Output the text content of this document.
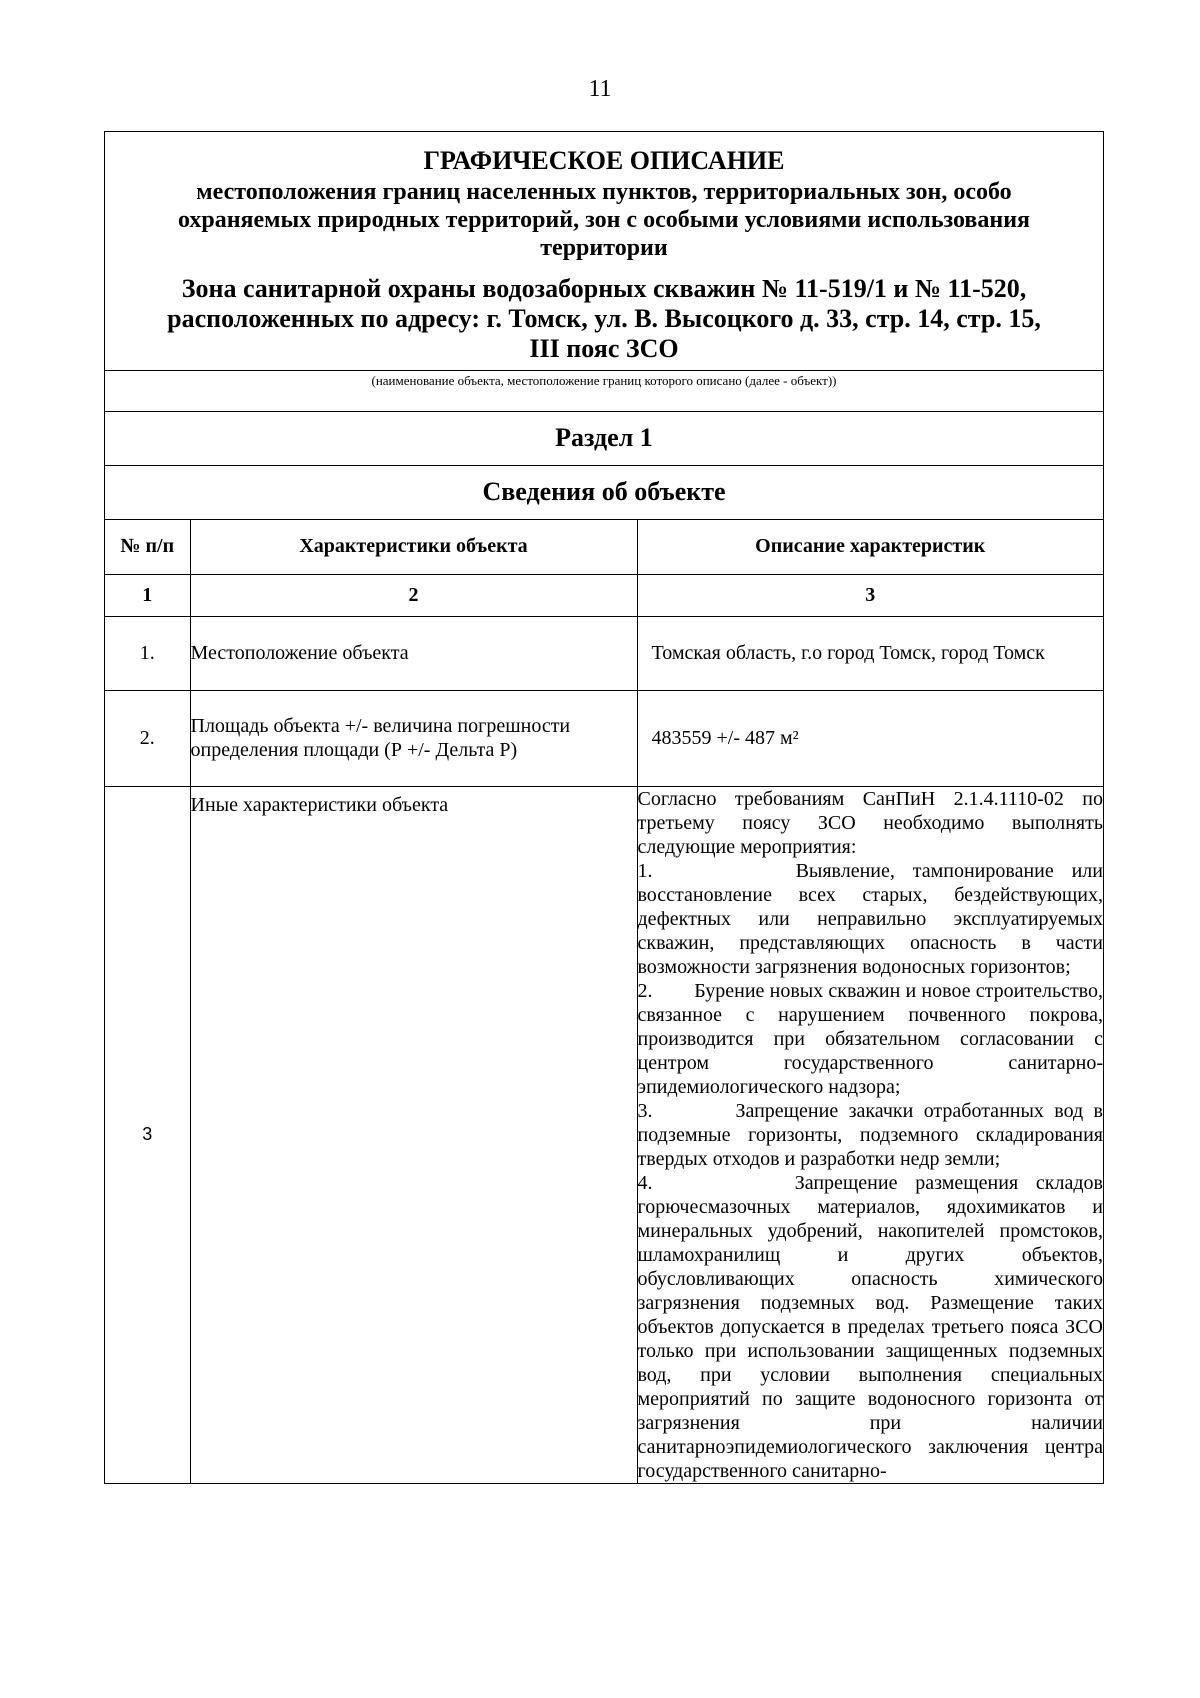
11
ГРАФИЧЕСКОЕ ОПИСАНИЕ
местоположения границ населенных пунктов, территориальных зон, особо
охраняемых природных территорий, зон с особыми условиями использования
территории
Зона санитарной охраны водозаборных скважин № 11-519/1 и № 11-520,
расположенных по адресу: г. Томск, ул. В. Высоцкого д. 33, стр. 14, стр. 15,
III пояс ЗСО
(наименование объекта, местоположение границ которого описано (далее - объект))
Раздел 1
Сведения об объекте
№ п/п	Характеристики объекта	Описание характеристик
1	2	3
1.	Местоположение объекта	Томская область, г.о город Томск, город Томск
2.	Площадь объекта +/- величина погрешности определения площади (Р +/- Дельта Р)	483559 +/- 487 м²
3	Иные характеристики объекта	Согласно требованиям СанПиН 2.1.4.1110-02 по третьему поясу ЗСО необходимо выполнять следующие мероприятия:
1.        Выявление, тампонирование или восстановление всех старых, бездействующих, дефектных или неправильно эксплуатируемых скважин, представляющих опасность в части возможности загрязнения водоносных горизонтов;
2.        Бурение новых скважин и новое строительство, связанное с нарушением почвенного покрова, производится при обязательном согласовании с центром государственного санитарно-эпидемиологического надзора;
3.        Запрещение закачки отработанных вод в подземные горизонты, подземного складирования твердых отходов и разработки недр земли;
4.        Запрещение размещения складов горючесмазочных материалов, ядохимикатов и минеральных удобрений, накопителей промстоков, шламохранилищ и других объектов, обусловливающих опасность химического загрязнения подземных вод. Размещение таких объектов допускается в пределах третьего пояса ЗСО только при использовании защищенных подземных вод, при условии выполнения специальных мероприятий по защите водоносного горизонта от загрязнения при наличии санитарноэпидемиологического заключения центра государственного санитарно-
